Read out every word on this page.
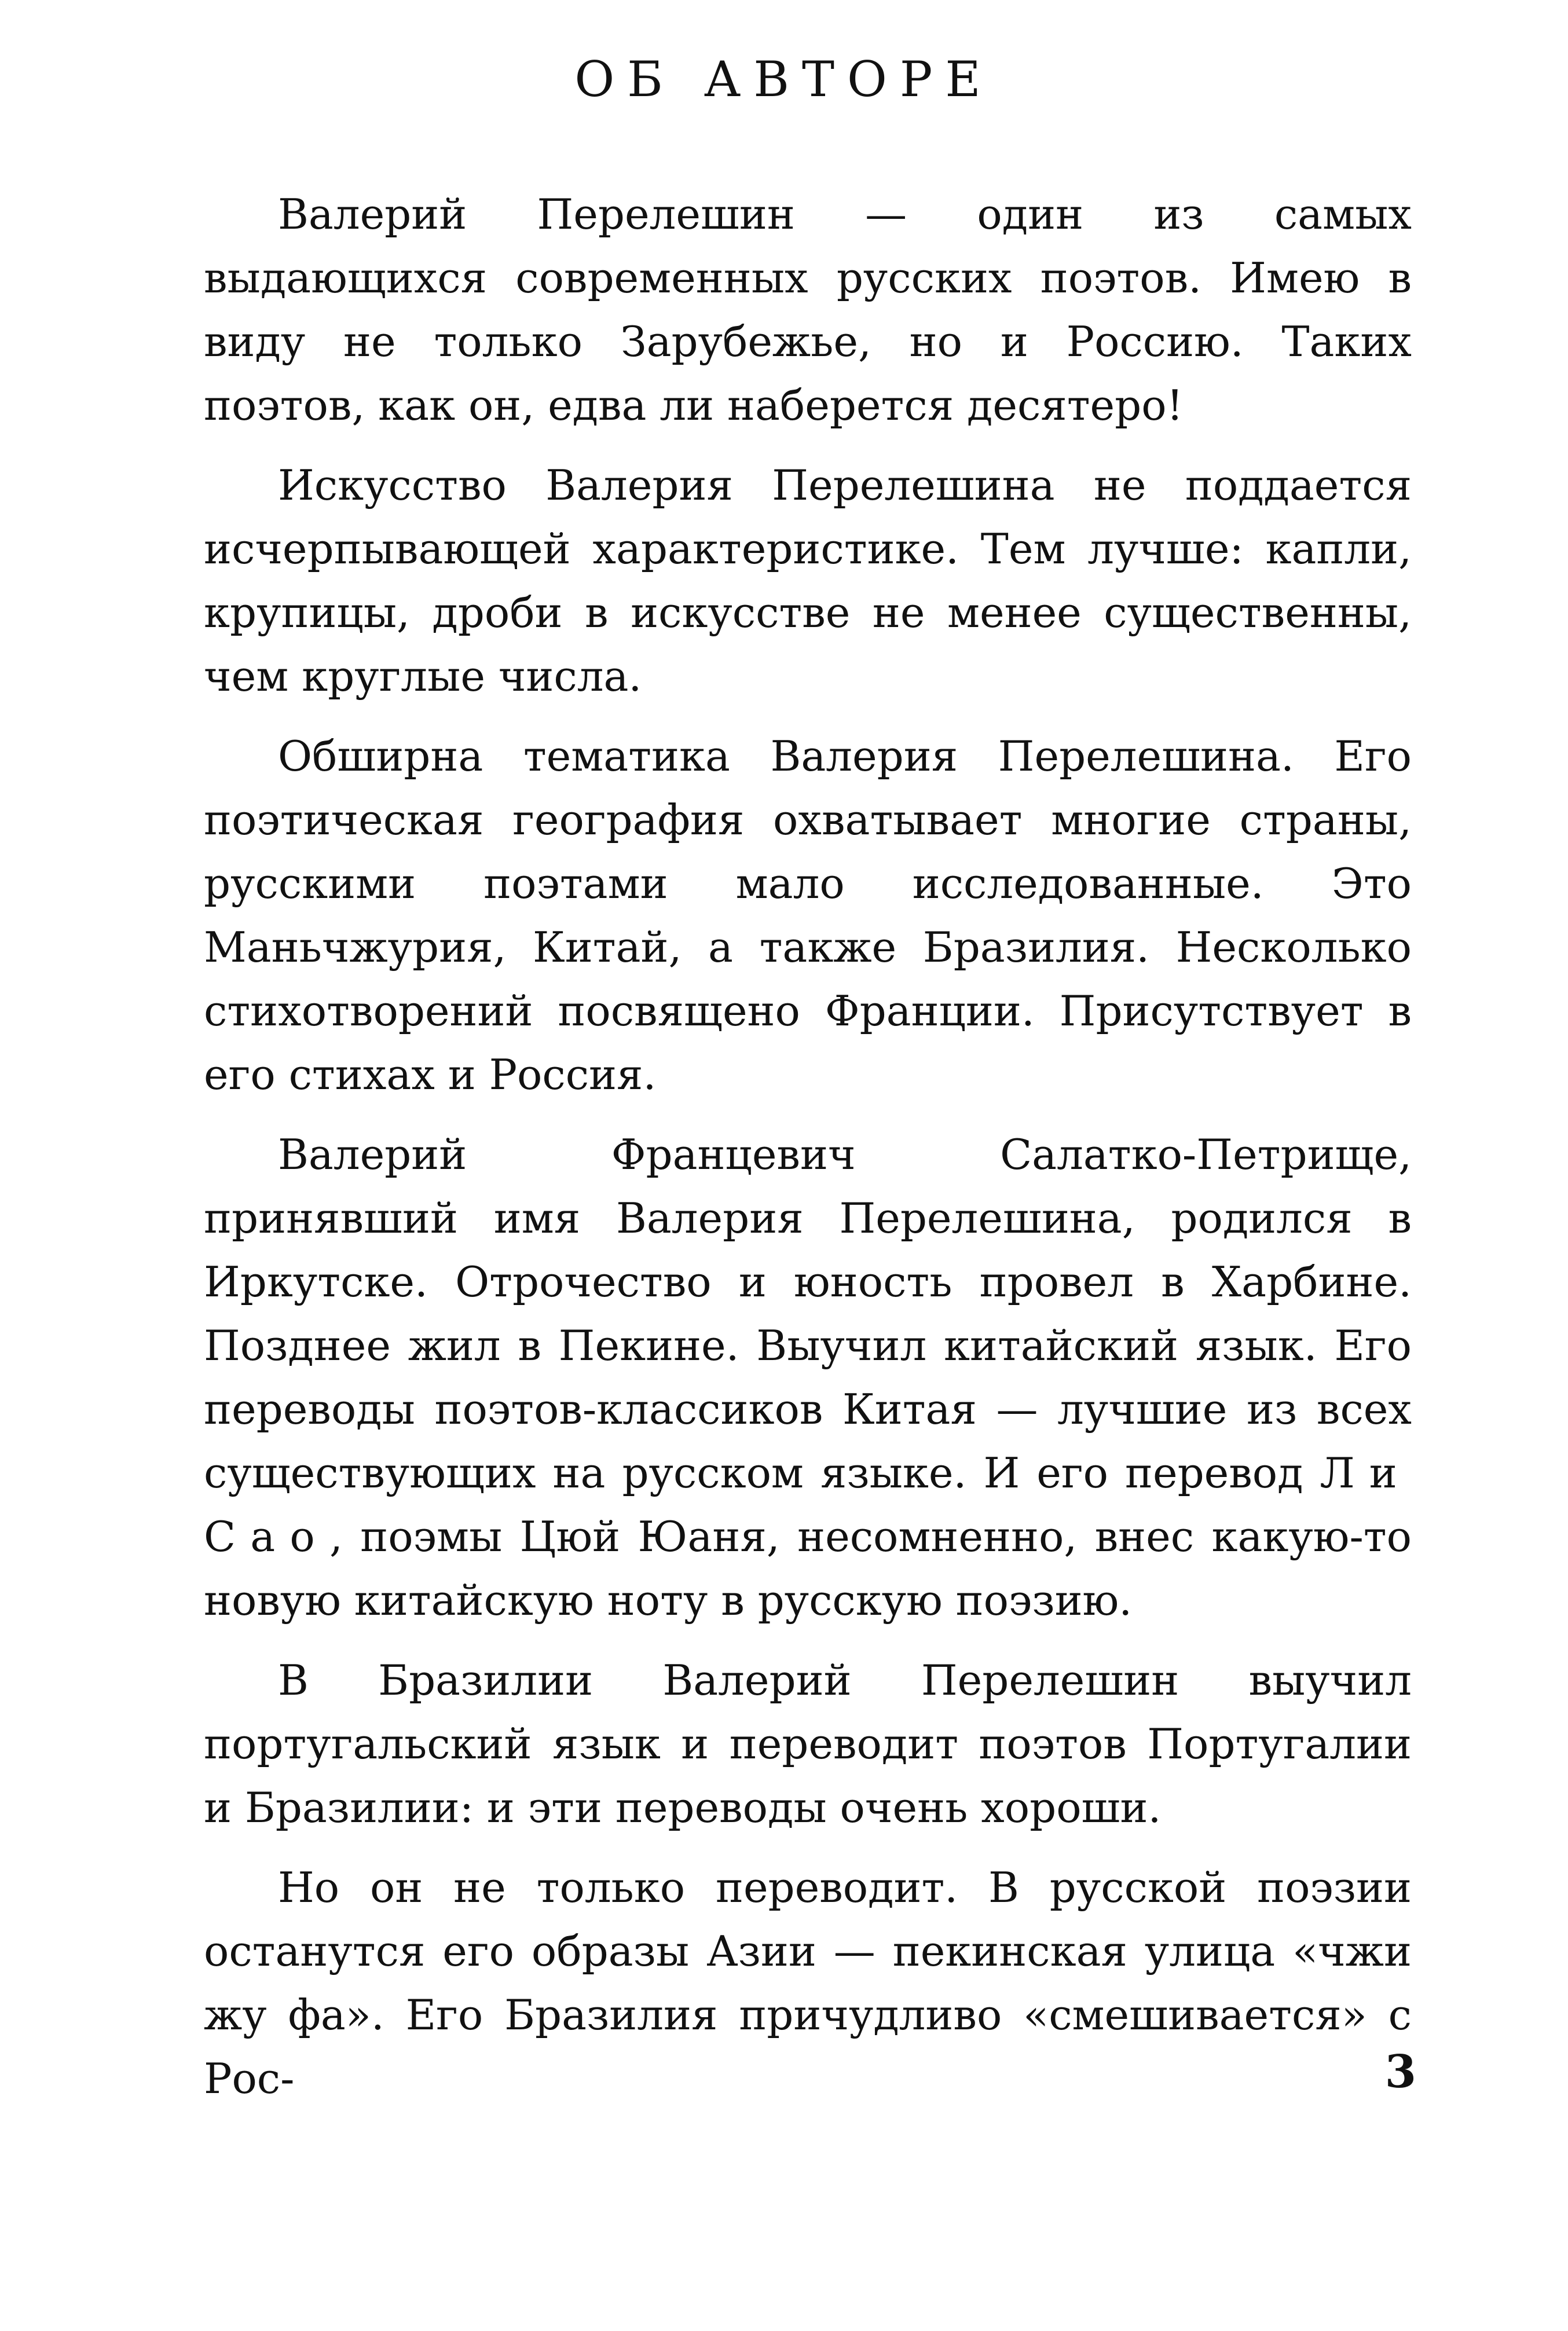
ОБ АВТОРЕ

Валерий Перелешин — один из самых выдающихся современных русских поэтов. Имею в виду не только Зарубежье, но и Россию. Таких поэтов, как он, едва ли наберется десятеро!

Искусство Валерия Перелешина не поддается исчерпывающей характеристике. Тем лучше: капли, крупицы, дроби в искусстве не менее существенны, чем круглые числа.

Обширна тематика Валерия Перелешина. Его поэтическая география охватывает многие страны, русскими поэтами мало исследованные. Это Маньчжурия, Китай, а также Бразилия. Несколько стихотворений посвящено Франции. Присутствует в его стихах и Россия.

Валерий Францевич Салатко-Петрище, принявший имя Валерия Перелешина, родился в Иркутске. Отрочество и юность провел в Харбине. Позднее жил в Пекине. Выучил китайский язык. Его переводы поэтов-классиков Китая — лучшие из всех существующих на русском языке. И его перевод Ли Сао, поэмы Цюй Юаня, несомненно, внес какую-то новую китайскую ноту в русскую поэзию.

В Бразилии Валерий Перелешин выучил португальский язык и переводит поэтов Португалии и Бразилии: и эти переводы очень хороши.

Но он не только переводит. В русской поэзии останутся его образы Азии — пекинская улица «чжи жу фа». Его Бразилия причудливо «смешивается» с Рос-	3
